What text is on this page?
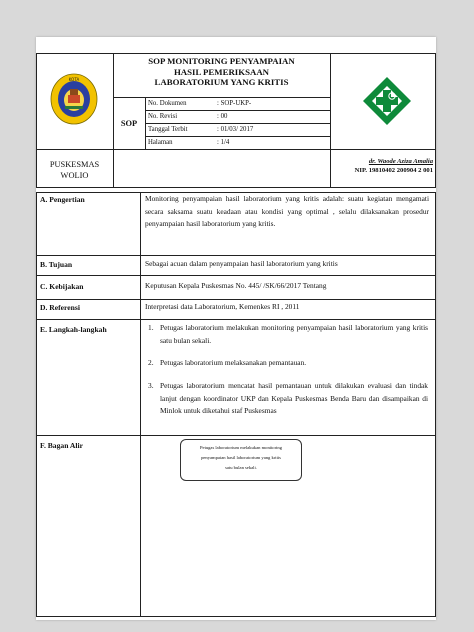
KOTA
SOP MONITORING PENYAMPAIAN
HASIL PEMERIKSAAN
LABORATORIUM YANG KRITIS
SOP
No. Dokumen	: SOP-UKP-
No. Revisi	: 00
Tanggal Terbit	: 01/03/ 2017
Halaman	: 1/4
PUSKESMAS
WOLIO
dr. Waode Aziza Amalia
NIP. 19810402 200904 2 001
A. Pengertian	Monitoring penyampaian hasil laboratorium yang kritis adalah: suatu kegiatan mengamati secara saksama suatu keadaan atau kondisi yang optimal , selalu dilaksanakan prosedur penyampaian hasil laboratorium yang kritis.
B. Tujuan	Sebagai acuan dalam penyampaian hasil laboratorium yang kritis
C. Kebijakan	Keputusan Kepala Puskesmas No. 445/ /SK/66/2017 Tentang
D. Referensi	Interpretasi data Laboratorium, Kemenkes RI , 2011
E. Langkah-langkah	1. Petugas laboratorium melakukan monitoring penyampaian hasil laboratorium yang kritis satu bulan sekali.
2. Petugas laboratorium melaksanakan pemantauan.
3. Petugas laboratorium mencatat hasil pemantauan untuk dilakukan evaluasi dan tindak lanjut dengan koordinator UKP dan Kepala Puskesmas Benda Baru dan disampaikan di Minlok untuk diketahui staf Puskesmas
F. Bagan Alir	Petugas laboratorium melakukan monitoring
penyampaian hasil laboratorium yang kritis
satu bulan sekali.
